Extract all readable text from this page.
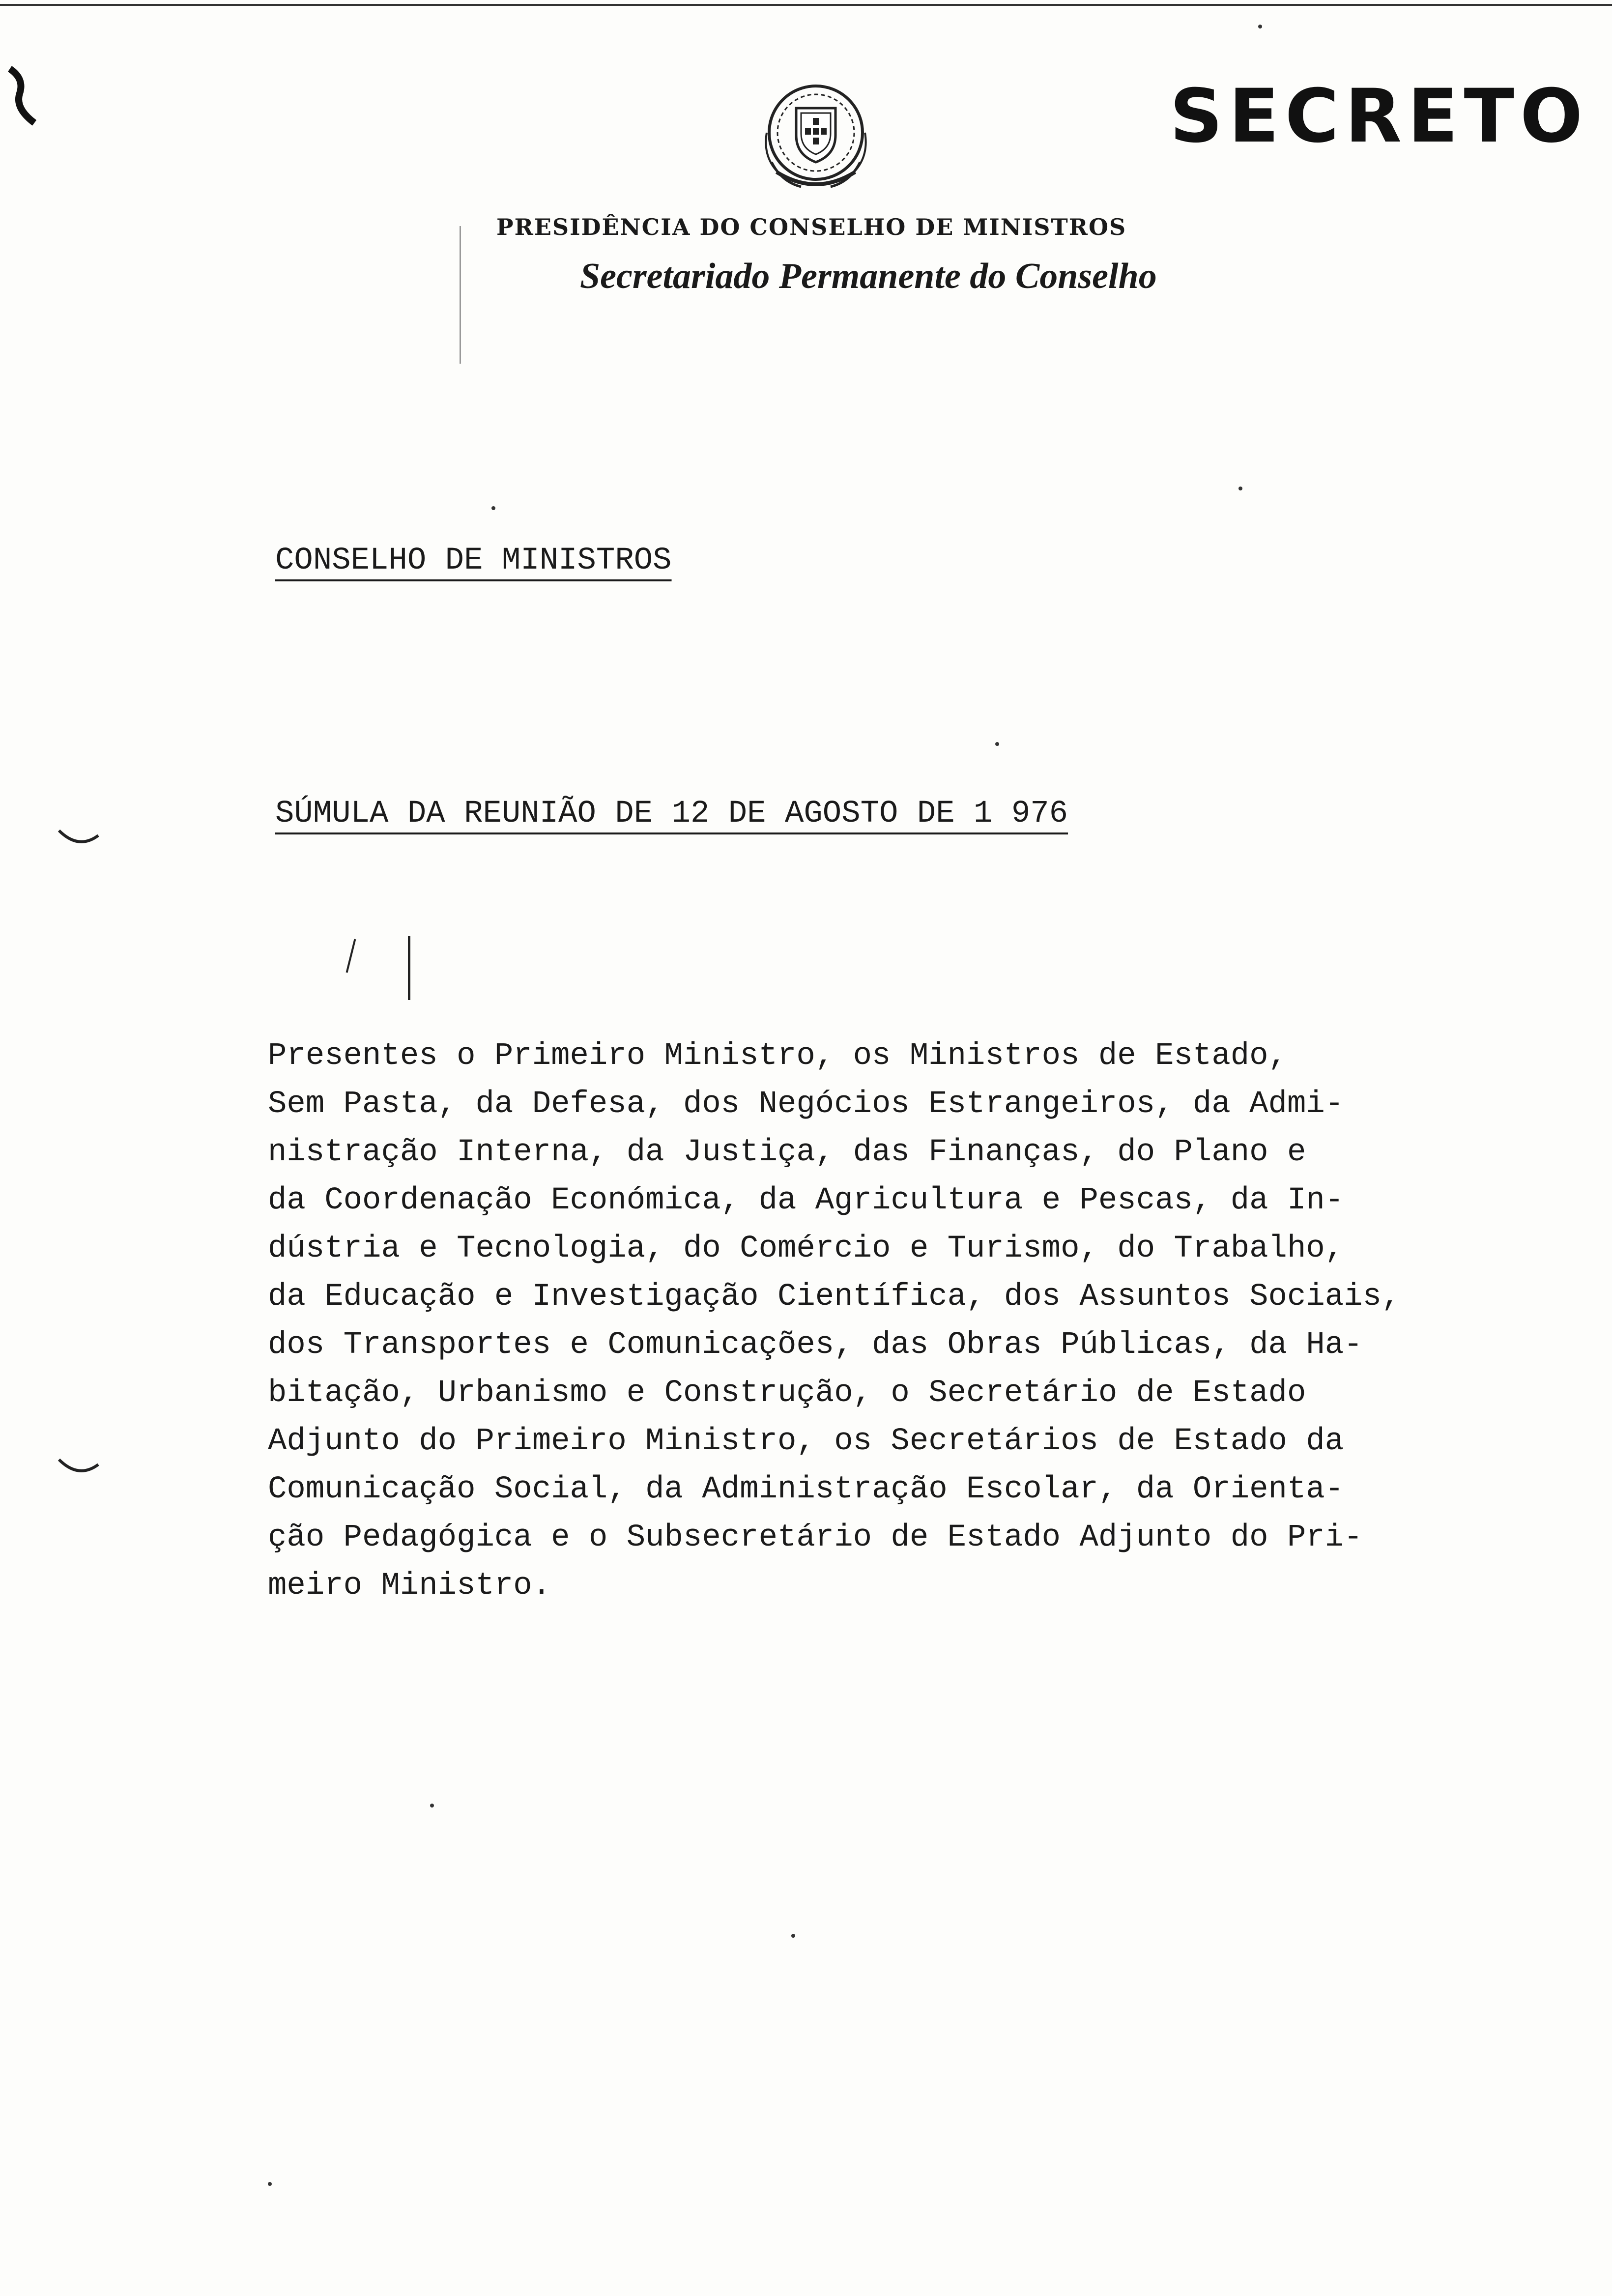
SECRETO
PRESIDÊNCIA DO CONSELHO DE MINISTROS
Secretariado Permanente do Conselho
CONSELHO DE MINISTROS
SÚMULA DA REUNIÃO DE 12 DE AGOSTO DE 1 976
Presentes o Primeiro Ministro, os Ministros de Estado,
Sem Pasta, da Defesa, dos Negócios Estrangeiros, da Admi-
nistração Interna, da Justiça, das Finanças, do Plano e
da Coordenação Económica, da Agricultura e Pescas, da In-
dústria e Tecnologia, do Comércio e Turismo, do Trabalho,
da Educação e Investigação Científica, dos Assuntos Sociais,
dos Transportes e Comunicações, das Obras Públicas, da Ha-
bitação, Urbanismo e Construção, o Secretário de Estado
Adjunto do Primeiro Ministro, os Secretários de Estado da
Comunicação Social, da Administração Escolar, da Orienta-
ção Pedagógica e o Subsecretário de Estado Adjunto do Pri-
meiro Ministro.
